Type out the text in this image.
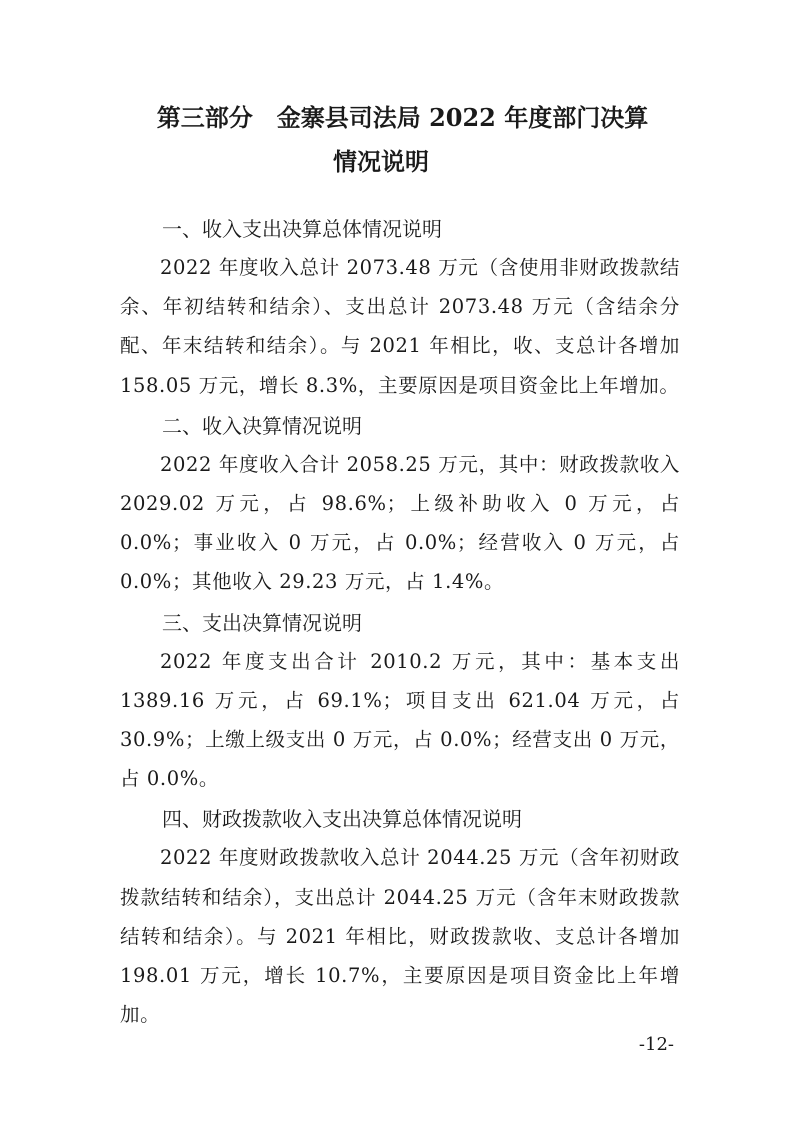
第三部分　金寨县司法局 2022 年度部门决算
情况说明
一、收入支出决算总体情况说明

2022 年度收入总计 2073.48 万元（含使用非财政拨款结余、年初结转和结余）、支出总计 2073.48 万元（含结余分配、年末结转和结余）。与 2021 年相比，收、支总计各增加 158.05 万元，增长 8.3%，主要原因是项目资金比上年增加。

二、收入决算情况说明

2022 年度收入合计 2058.25 万元，其中：财政拨款收入 2029.02 万元，占 98.6%；上级补助收入 0 万元，占 0.0%；事业收入 0 万元，占 0.0%；经营收入 0 万元，占 0.0%；其他收入 29.23 万元，占 1.4%。

三、支出决算情况说明

2022 年度支出合计 2010.2 万元，其中：基本支出 1389.16 万元，占 69.1%；项目支出 621.04 万元，占 30.9%；上缴上级支出 0 万元，占 0.0%；经营支出 0 万元，占 0.0%。

四、财政拨款收入支出决算总体情况说明

2022 年度财政拨款收入总计 2044.25 万元（含年初财政拨款结转和结余），支出总计 2044.25 万元（含年末财政拨款结转和结余）。与 2021 年相比，财政拨款收、支总计各增加 198.01 万元，增长 10.7%，主要原因是项目资金比上年增加。

-12-
